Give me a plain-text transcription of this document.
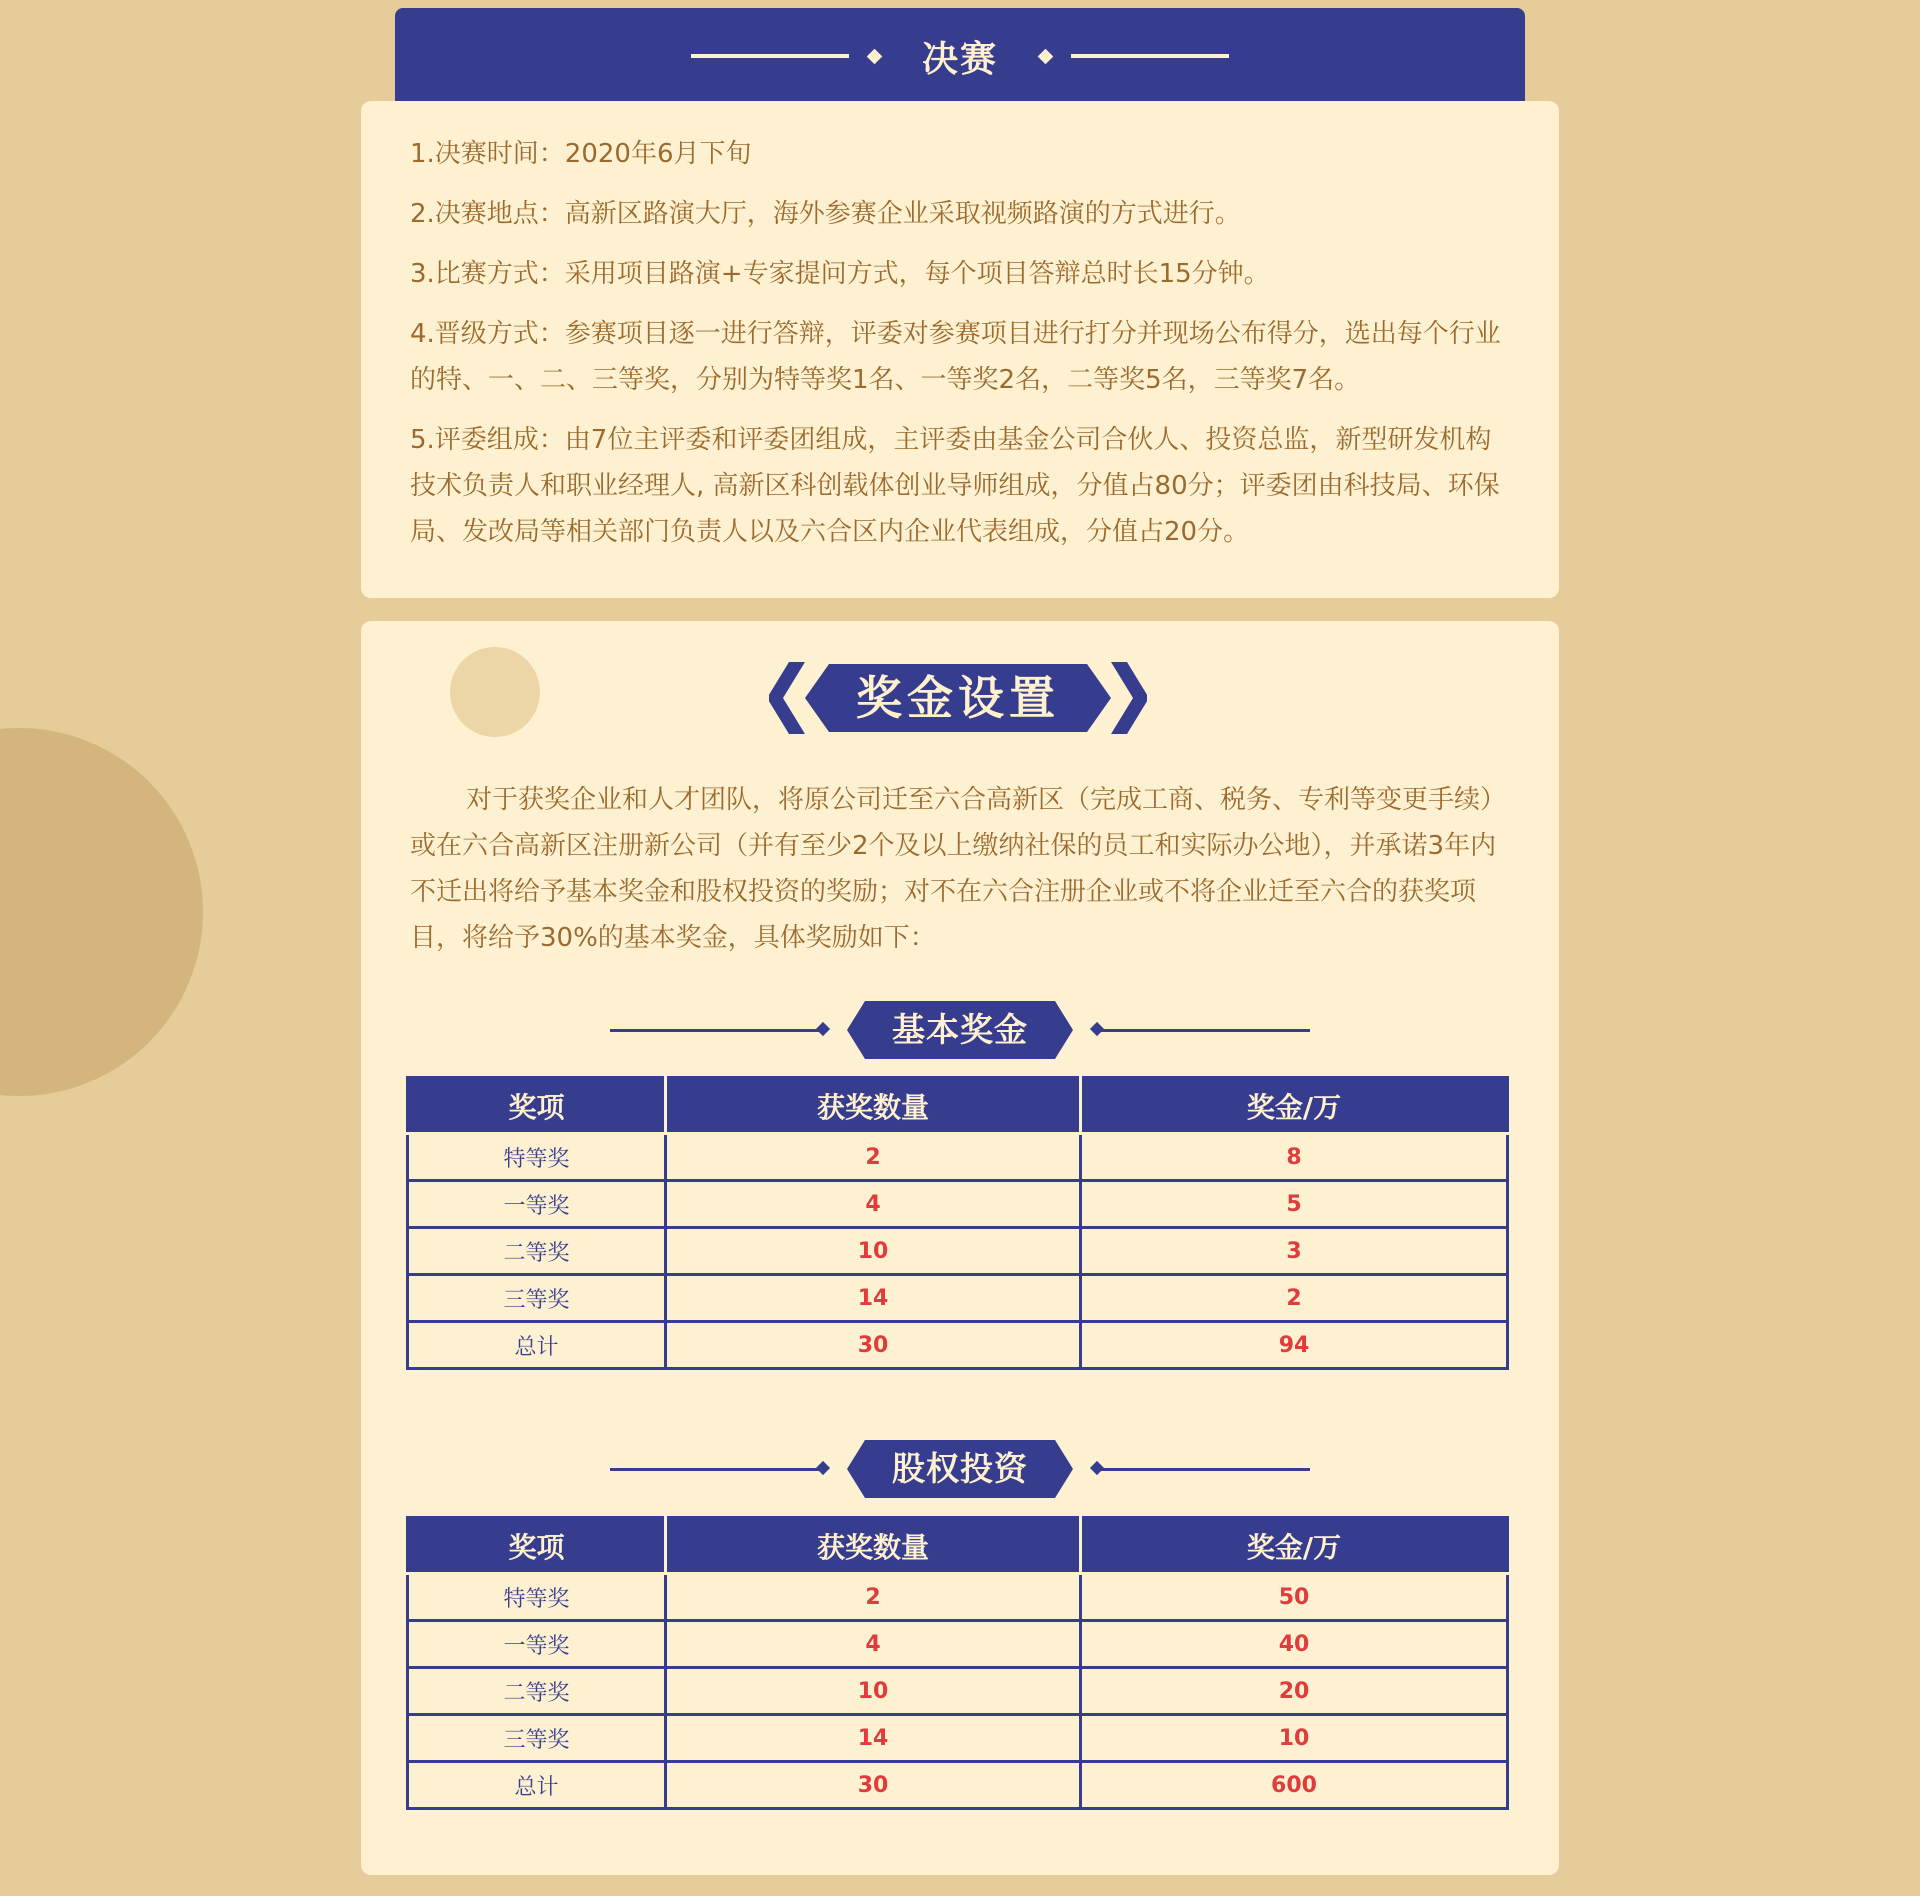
决赛

1.决赛时间：2020年6月下旬

2.决赛地点：高新区路演大厅，海外参赛企业采取视频路演的方式进行。

3.比赛方式：采用项目路演+专家提问方式，每个项目答辩总时长15分钟。

4.晋级方式：参赛项目逐一进行答辩，评委对参赛项目进行打分并现场公布得分，选出每个行业的特、一、二、三等奖，分别为特等奖1名、一等奖2名，二等奖5名，三等奖7名。

5.评委组成：由7位主评委和评委团组成，主评委由基金公司合伙人、投资总监，新型研发机构技术负责人和职业经理人, 高新区科创载体创业导师组成，分值占80分；评委团由科技局、环保局、发改局等相关部门负责人以及六合区内企业代表组成，分值占20分。

奖金设置
对于获奖企业和人才团队，将原公司迁至六合高新区（完成工商、税务、专利等变更手续）或在六合高新区注册新公司（并有至少2个及以上缴纳社保的员工和实际办公地），并承诺3年内不迁出将给予基本奖金和股权投资的奖励；对不在六合注册企业或不将企业迁至六合的获奖项目，将给予30%的基本奖金，具体奖励如下：
基本奖金
奖项	获奖数量	奖金/万
特等奖	2	8
一等奖	4	5
二等奖	10	3
三等奖	14	2
总计	30	94
股权投资
奖项	获奖数量	奖金/万
特等奖	2	50
一等奖	4	40
二等奖	10	20
三等奖	14	10
总计	30	600
